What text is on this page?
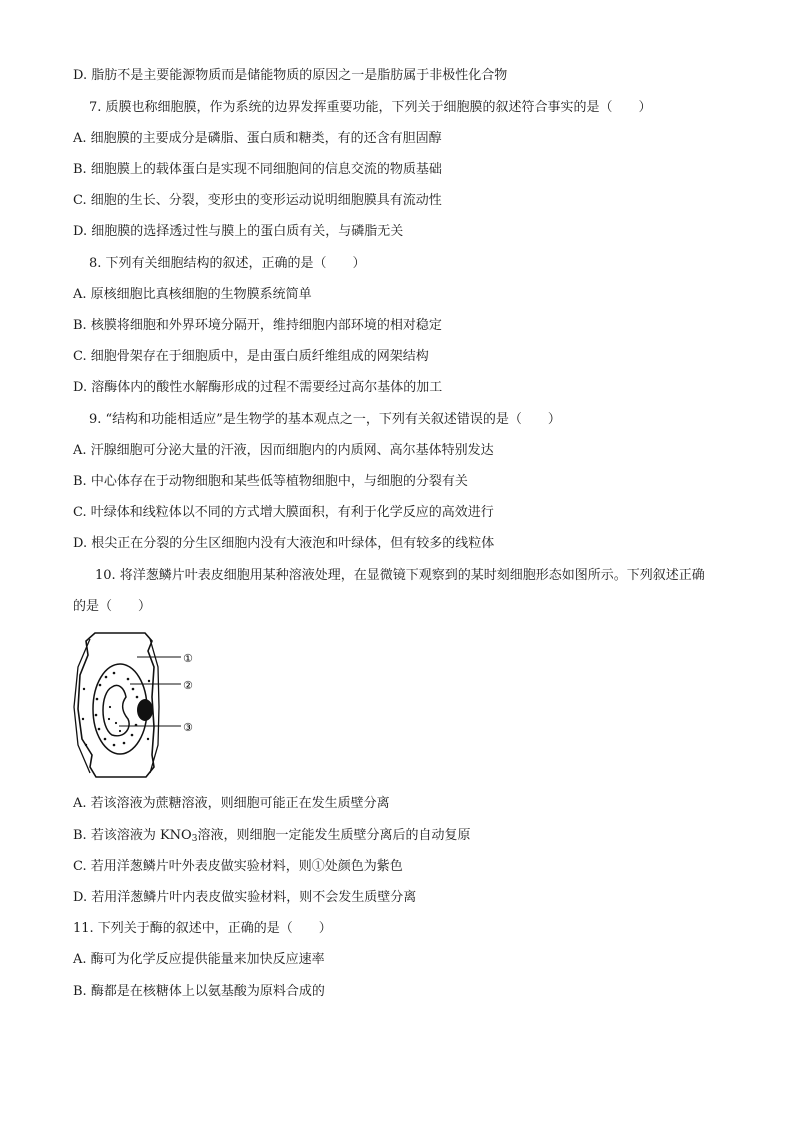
D. 脂肪不是主要能源物质而是储能物质的原因之一是脂肪属于非极性化合物
7. 质膜也称细胞膜，作为系统的边界发挥重要功能，下列关于细胞膜的叙述符合事实的是（　　）
A. 细胞膜的主要成分是磷脂、蛋白质和糖类，有的还含有胆固醇
B. 细胞膜上的载体蛋白是实现不同细胞间的信息交流的物质基础
C. 细胞的生长、分裂，变形虫的变形运动说明细胞膜具有流动性
D. 细胞膜的选择透过性与膜上的蛋白质有关，与磷脂无关
8. 下列有关细胞结构的叙述，正确的是（　　）
A. 原核细胞比真核细胞的生物膜系统简单
B. 核膜将细胞和外界环境分隔开，维持细胞内部环境的相对稳定
C. 细胞骨架存在于细胞质中，是由蛋白质纤维组成的网架结构
D. 溶酶体内的酸性水解酶形成的过程不需要经过高尔基体的加工
9. “结构和功能相适应”是生物学的基本观点之一，下列有关叙述错误的是（　　）
A. 汗腺细胞可分泌大量的汗液，因而细胞内的内质网、高尔基体特别发达
B. 中心体存在于动物细胞和某些低等植物细胞中，与细胞的分裂有关
C. 叶绿体和线粒体以不同的方式增大膜面积，有利于化学反应的高效进行
D. 根尖正在分裂的分生区细胞内没有大液泡和叶绿体，但有较多的线粒体
10. 将洋葱鳞片叶表皮细胞用某种溶液处理，在显微镜下观察到的某时刻细胞形态如图所示。下列叙述正确
的是（　　）
①
②
③
A. 若该溶液为蔗糖溶液，则细胞可能正在发生质壁分离
B. 若该溶液为 $KNO_3$溶液，则细胞一定能发生质壁分离后的自动复原
C. 若用洋葱鳞片叶外表皮做实验材料，则①处颜色为紫色
D. 若用洋葱鳞片叶内表皮做实验材料，则不会发生质壁分离
11. 下列关于酶的叙述中，正确的是（　　）
A. 酶可为化学反应提供能量来加快反应速率
B. 酶都是在核糖体上以氨基酸为原料合成的
